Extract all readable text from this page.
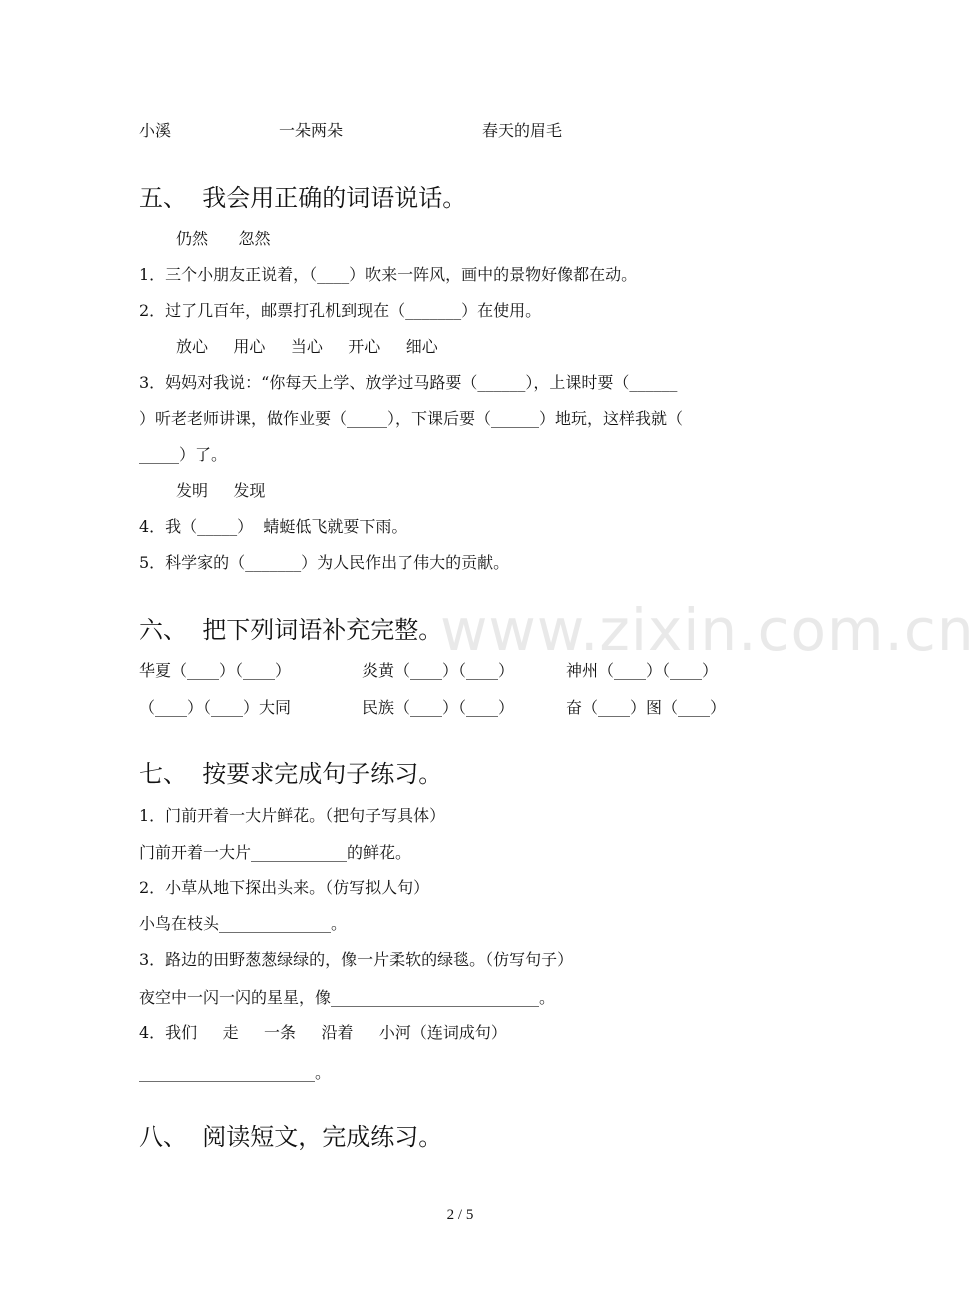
www.zixin.com.cn
小溪	一朵两朵	春天的眉毛
五、  我会用正确的词语说话。
仍然      忽然
1．三个小朋友正说着，（____）吹来一阵风，画中的景物好像都在动。
2．过了几百年，邮票打孔机到现在（_______）在使用。
放心     用心     当心     开心     细心
3．妈妈对我说：“你每天上学、放学过马路要（______），上课时要（______
）听老老师讲课，做作业要（_____），下课后要（______）地玩，这样我就（
_____）了。
发明     发现
4．我（_____）  蜻蜓低飞就要下雨。
5．科学家的（_______）为人民作出了伟大的贡献。
六、  把下列词语补充完整。
华夏（____）（____）	炎黄（____）（____）	神州（____）（____）
（____）（____）大同	民族（____）（____）	奋（____）图（____）
七、  按要求完成句子练习。
1．门前开着一大片鲜花。（把句子写具体）
门前开着一大片____________的鲜花。
2．小草从地下探出头来。（仿写拟人句）
小鸟在枝头______________。
3．路边的田野葱葱绿绿的，像一片柔软的绿毯。（仿写句子）
夜空中一闪一闪的星星，像__________________________。
4．我们     走     一条     沿着     小河（连词成句）
______________________。
八、  阅读短文，完成练习。
2 / 5
